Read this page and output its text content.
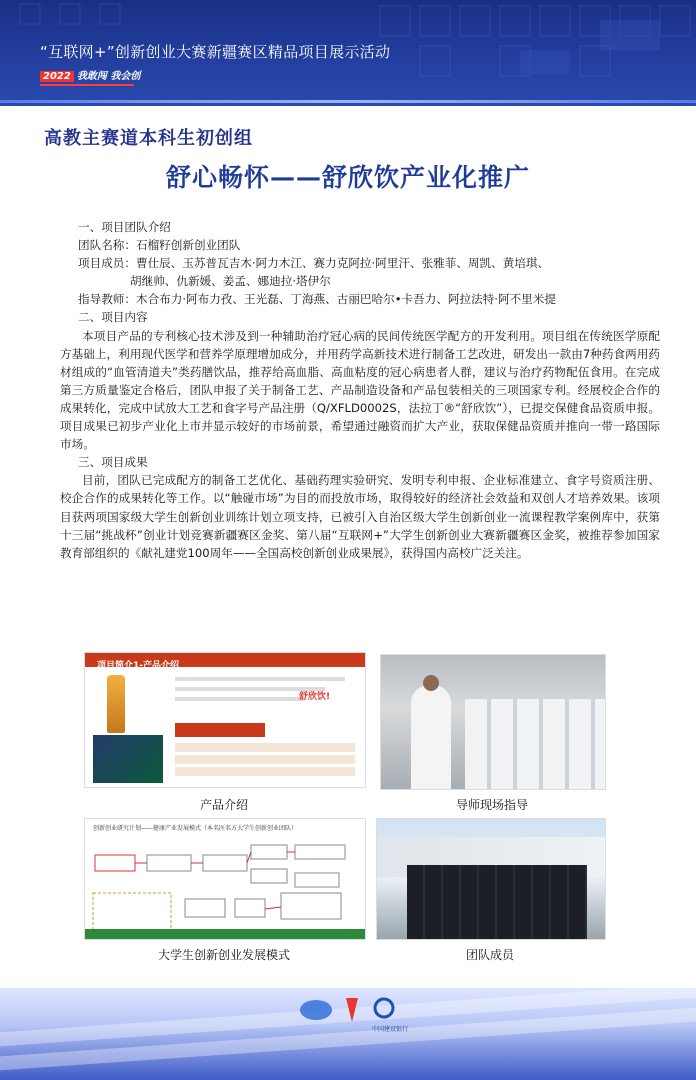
“互联网+”创新创业大赛新疆赛区精品项目展示活动
2022 我敢闯 我会创
高教主赛道本科生初创组
舒心畅怀——舒欣饮产业化推广

一、项目团队介绍

团队名称：石榴籽创新创业团队

项目成员：曹仕辰、玉苏普瓦吉木·阿力木江、赛力克阿拉·阿里汗、张雅菲、周凯、黄培琪、

胡继帅、仇新媛、姜孟、娜迪拉·塔伊尔

指导教师：木合布力·阿布力孜、王光磊、丁海燕、古丽巴哈尔•卡吾力、阿拉法特·阿不里米提

二、项目内容

本项目产品的专利核心技术涉及到一种辅助治疗冠心病的民间传统医学配方的开发利用。项目组在传统医学原配方基础上，利用现代医学和营养学原理增加成分，并用药学高新技术进行制备工艺改进，研发出一款由7种药食两用药材组成的“血管清道夫”类药膳饮品，推荐给高血脂、高血粘度的冠心病患者人群，建议与治疗药物配伍食用。在完成第三方质量鉴定合格后，团队申报了关于制备工艺、产品制造设备和产品包装相关的三项国家专利。经展校企合作的成果转化，完成中试放大工艺和食字号产品注册（Q/XFLD0002S，法拉丁®“舒欣饮”），已提交保健食品资质申报。项目成果已初步产业化上市并显示较好的市场前景，希望通过融资而扩大产业，获取保健品资质并推向一带一路国际市场。

三、项目成果

目前，团队已完成配方的制备工艺优化、基础药理实验研究、发明专利申报、企业标准建立、食字号资质注册、校企合作的成果转化等工作。以“触碰市场”为目的而投放市场，取得较好的经济社会效益和双创人才培养效果。该项目获两项国家级大学生创新创业训练计划立项支持，已被引入自治区级大学生创新创业一流课程教学案例库中，获第十三届“挑战杯”创业计划竞赛新疆赛区金奖、第八届“互联网+”大学生创新创业大赛新疆赛区金奖，被推荐参加国家教育部组织的《献礼建党100周年——全国高校创新创业成果展》，获得国内高校广泛关注。

项目简介1-产品介绍
舒欣饮!
产品介绍	导师现场指导
创新创业研究计划——健康产业发展模式（本名医名方大学生创新创业团队）
大学生创新创业发展模式	团队成员
中国建设银行
